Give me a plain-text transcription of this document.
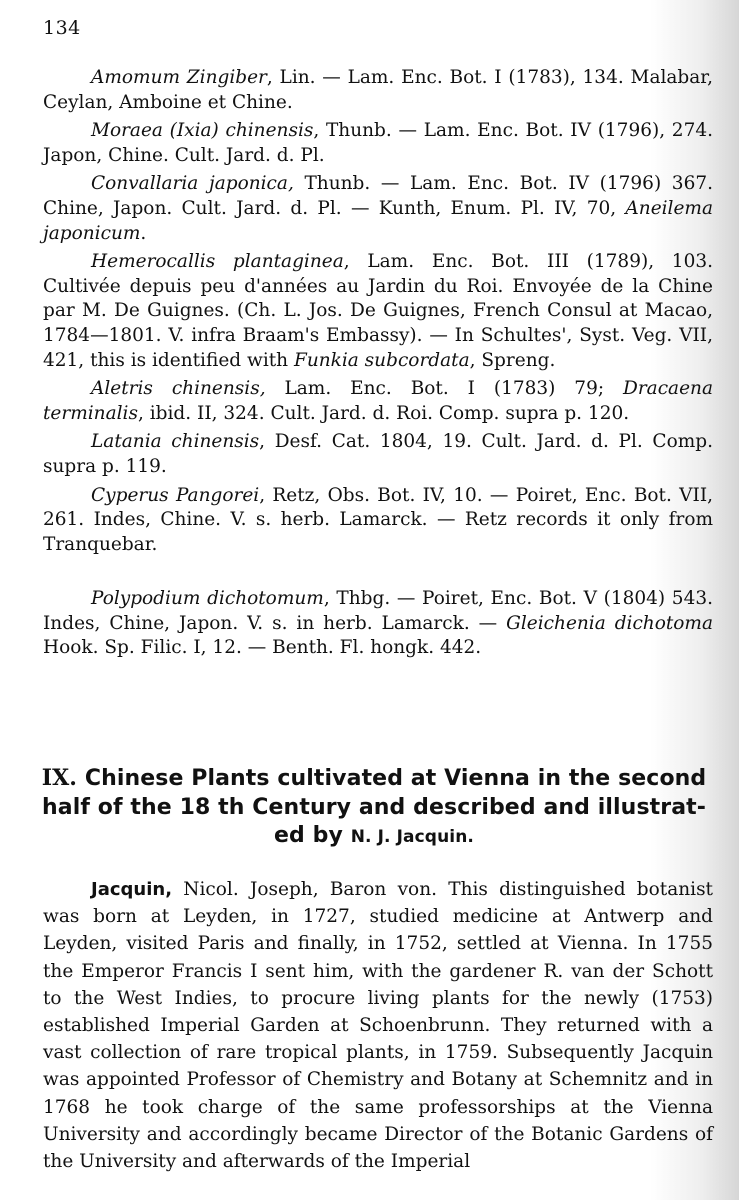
134

Amomum Zingiber, Lin. — Lam. Enc. Bot. I (1783), 134. Malabar, Ceylan, Amboine et Chine.

Moraea (Ixia) chinensis, Thunb. — Lam. Enc. Bot. IV (1796), 274. Japon, Chine. Cult. Jard. d. Pl.

Convallaria japonica, Thunb. — Lam. Enc. Bot. IV (1796) 367. Chine, Japon. Cult. Jard. d. Pl. — Kunth, Enum. Pl. IV, 70, Aneilema japonicum.

Hemerocallis plantaginea, Lam. Enc. Bot. III (1789), 103. Cultivée depuis peu d'années au Jardin du Roi. Envoyée de la Chine par M. De Guignes. (Ch. L. Jos. De Guignes, French Consul at Macao, 1784—1801. V. infra Braam's Embassy). — In Schultes', Syst. Veg. VII, 421, this is identified with Funkia subcordata, Spreng.

Aletris chinensis, Lam. Enc. Bot. I (1783) 79; Dracaena terminalis, ibid. II, 324. Cult. Jard. d. Roi. Comp. supra p. 120.

Latania chinensis, Desf. Cat. 1804, 19. Cult. Jard. d. Pl. Comp. supra p. 119.

Cyperus Pangorei, Retz, Obs. Bot. IV, 10. — Poiret, Enc. Bot. VII, 261. Indes, Chine. V. s. herb. Lamarck. — Retz records it only from Tranquebar.

Polypodium dichotomum, Thbg. — Poiret, Enc. Bot. V (1804) 543. Indes, Chine, Japon. V. s. in herb. Lamarck. — Gleichenia dichotoma Hook. Sp. Filic. I, 12. — Benth. Fl. hongk. 442.

IX. Chinese Plants cultivated at Vienna in the second half of the 18 th Century and described and illustrat-ed by N. J. Jacquin.

Jacquin, Nicol. Joseph, Baron von. This distinguished botanist was born at Leyden, in 1727, studied medicine at Antwerp and Leyden, visited Paris and finally, in 1752, settled at Vienna. In 1755 the Emperor Francis I sent him, with the gardener R. van der Schott to the West Indies, to procure living plants for the newly (1753) established Imperial Garden at Schoenbrunn. They returned with a vast collection of rare tropical plants, in 1759. Subsequently Jacquin was appointed Professor of Chemistry and Botany at Schemnitz and in 1768 he took charge of the same professorships at the Vienna University and accordingly became Director of the Botanic Gardens of the University and afterwards of the Imperial
